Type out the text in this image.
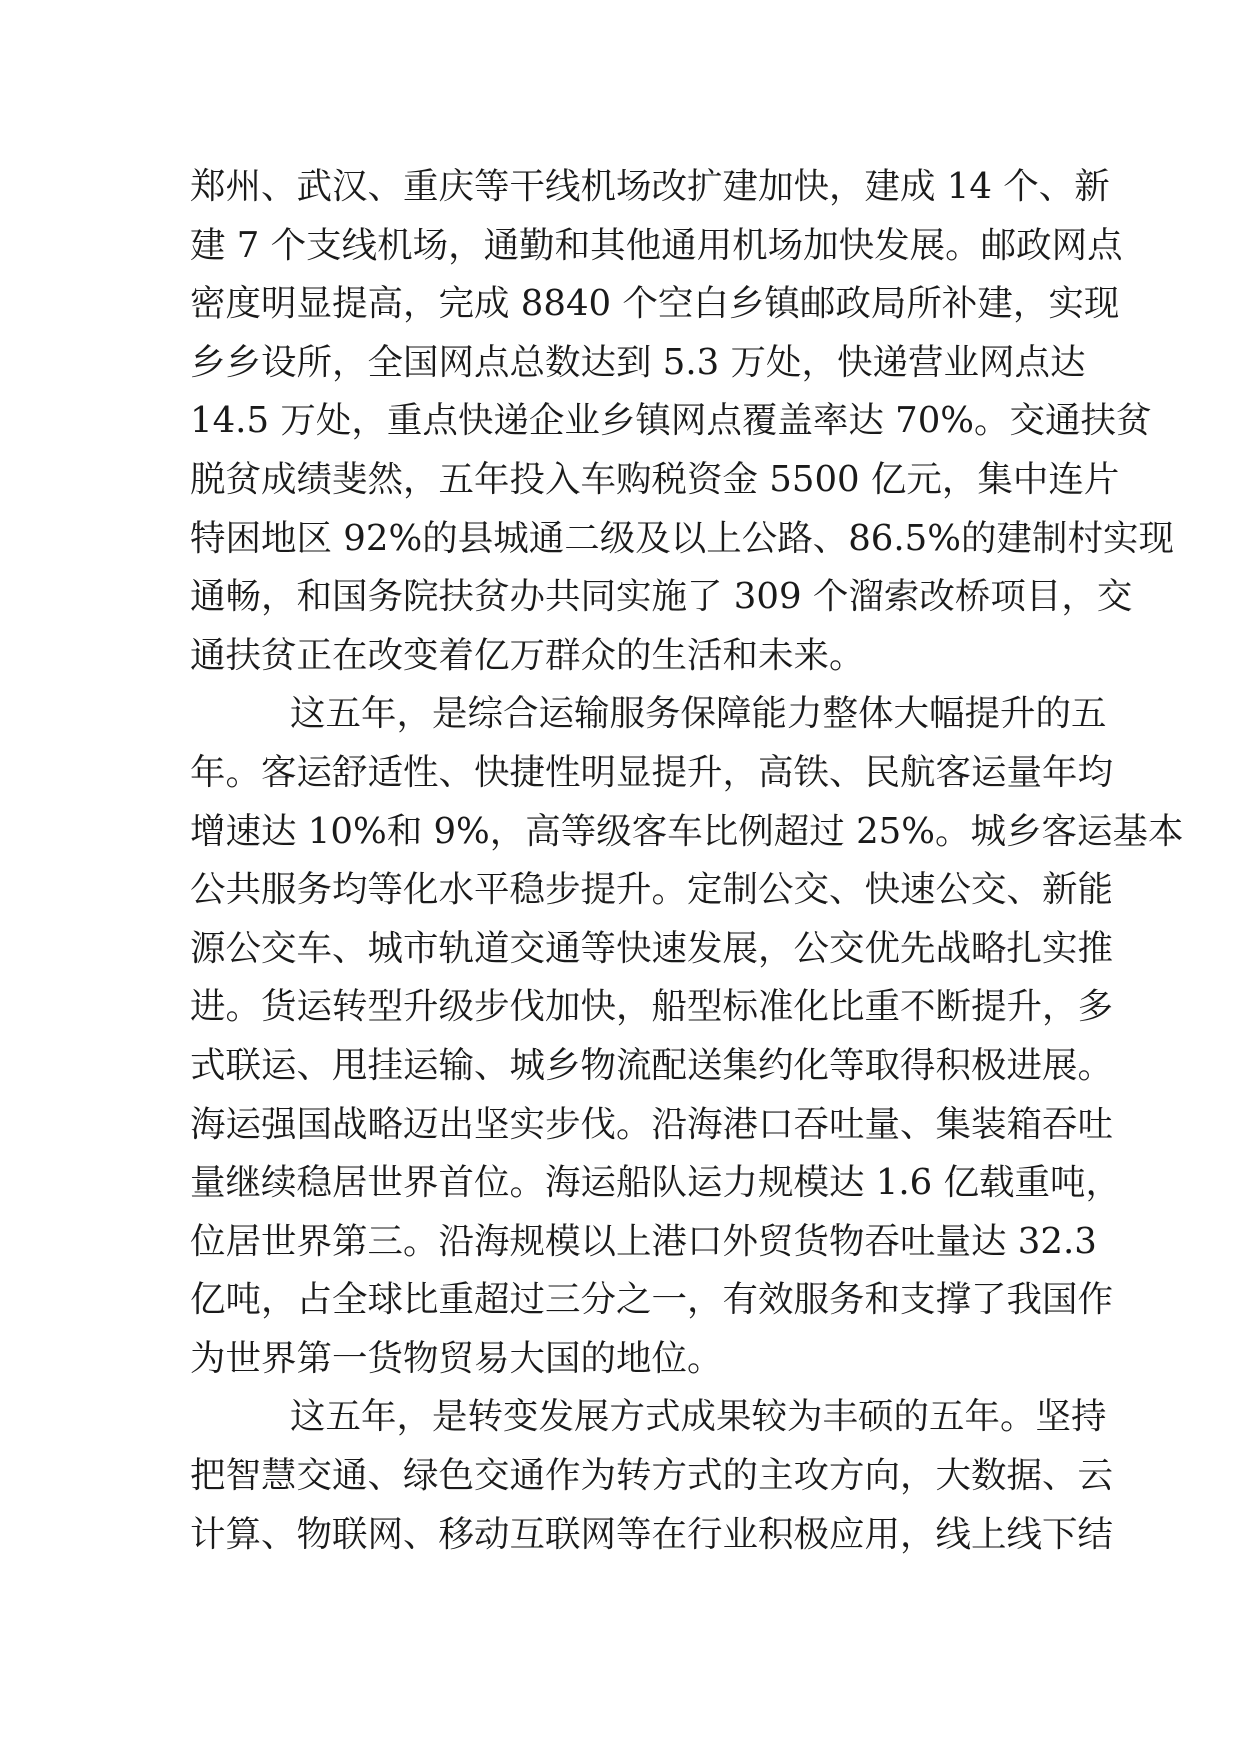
郑州、武汉、重庆等干线机场改扩建加快，建成 14 个、新
建 7 个支线机场，通勤和其他通用机场加快发展。邮政网点
密度明显提高，完成 8840 个空白乡镇邮政局所补建，实现
乡乡设所，全国网点总数达到 5.3 万处，快递营业网点达
14.5 万处，重点快递企业乡镇网点覆盖率达 70%。交通扶贫
脱贫成绩斐然，五年投入车购税资金 5500 亿元，集中连片
特困地区 92%的县城通二级及以上公路、86.5%的建制村实现
通畅，和国务院扶贫办共同实施了 309 个溜索改桥项目，交
通扶贫正在改变着亿万群众的生活和未来。
这五年，是综合运输服务保障能力整体大幅提升的五
年。客运舒适性、快捷性明显提升，高铁、民航客运量年均
增速达 10%和 9%，高等级客车比例超过 25%。城乡客运基本
公共服务均等化水平稳步提升。定制公交、快速公交、新能
源公交车、城市轨道交通等快速发展，公交优先战略扎实推
进。货运转型升级步伐加快，船型标准化比重不断提升，多
式联运、甩挂运输、城乡物流配送集约化等取得积极进展。
海运强国战略迈出坚实步伐。沿海港口吞吐量、集装箱吞吐
量继续稳居世界首位。海运船队运力规模达 1.6 亿载重吨，
位居世界第三。沿海规模以上港口外贸货物吞吐量达 32.3
亿吨，占全球比重超过三分之一，有效服务和支撑了我国作
为世界第一货物贸易大国的地位。
这五年，是转变发展方式成果较为丰硕的五年。坚持
把智慧交通、绿色交通作为转方式的主攻方向，大数据、云
计算、物联网、移动互联网等在行业积极应用，线上线下结
